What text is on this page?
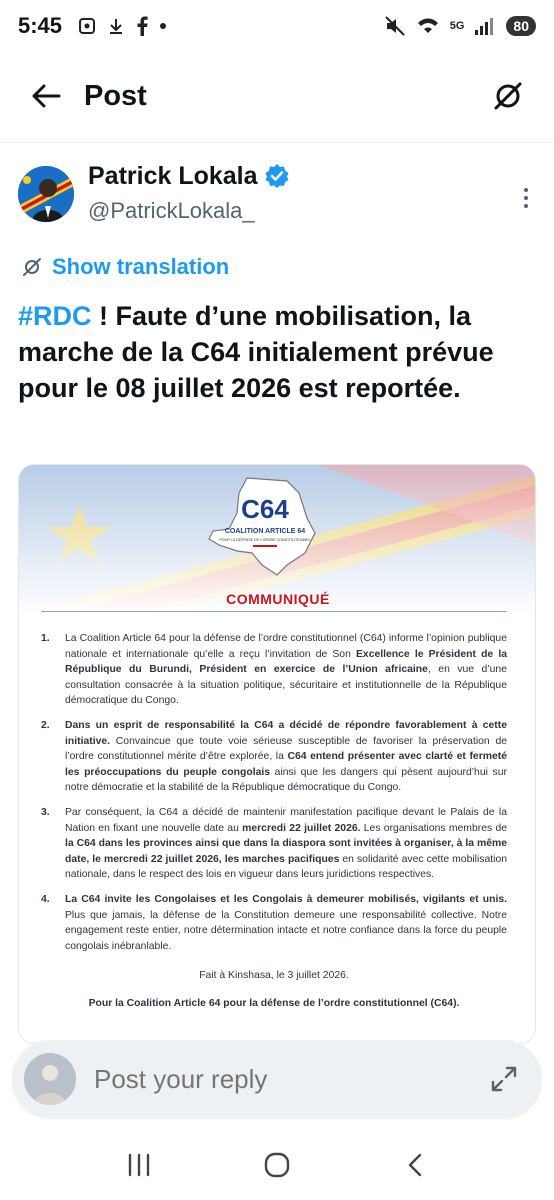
5:45	5G	80
Post
Patrick Lokala
@PatrickLokala_
Show translation
#RDC ! Faute d’une mobilisation, la marche de la C64 initialement prévue pour le 08 juillet 2026 est reportée.
C64
COALITION ARTICLE 64
POUR LA DÉFENSE DE L’ORDRE CONSTITUTIONNEL
COMMUNIQUÉ
1.	La Coalition Article 64 pour la défense de l’ordre constitutionnel (C64) informe l’opinion publique nationale et internationale qu’elle a reçu l’invitation de Son Excellence le Président de la République du Burundi, Président en exercice de l’Union africaine, en vue d’une consultation consacrée à la situation politique, sécuritaire et institutionnelle de la République démocratique du Congo.
2.	Dans un esprit de responsabilité la C64 a décidé de répondre favorablement à cette initiative. Convaincue que toute voie sérieuse susceptible de favoriser la préservation de l’ordre constitutionnel mérite d’être explorée, la C64 entend présenter avec clarté et fermeté les préoccupations du peuple congolais ainsi que les dangers qui pèsent aujourd’hui sur notre démocratie et la stabilité de la République démocratique du Congo.
3.	Par conséquent, la C64 a décidé de maintenir manifestation pacifique devant le Palais de la Nation en fixant une nouvelle date au mercredi 22 juillet 2026. Les organisations membres de la C64 dans les provinces ainsi que dans la diaspora sont invitées à organiser, à la même date, le mercredi 22 juillet 2026, les marches pacifiques en solidarité avec cette mobilisation nationale, dans le respect des lois en vigueur dans leurs juridictions respectives.
4.	La C64 invite les Congolaises et les Congolais à demeurer mobilisés, vigilants et unis. Plus que jamais, la défense de la Constitution demeure une responsabilité collective. Notre engagement reste entier, notre détermination intacte et notre confiance dans la force du peuple congolais inébranlable.
Fait à Kinshasa, le 3 juillet 2026.
Pour la Coalition Article 64 pour la défense de l’ordre constitutionnel (C64).
Post your reply
